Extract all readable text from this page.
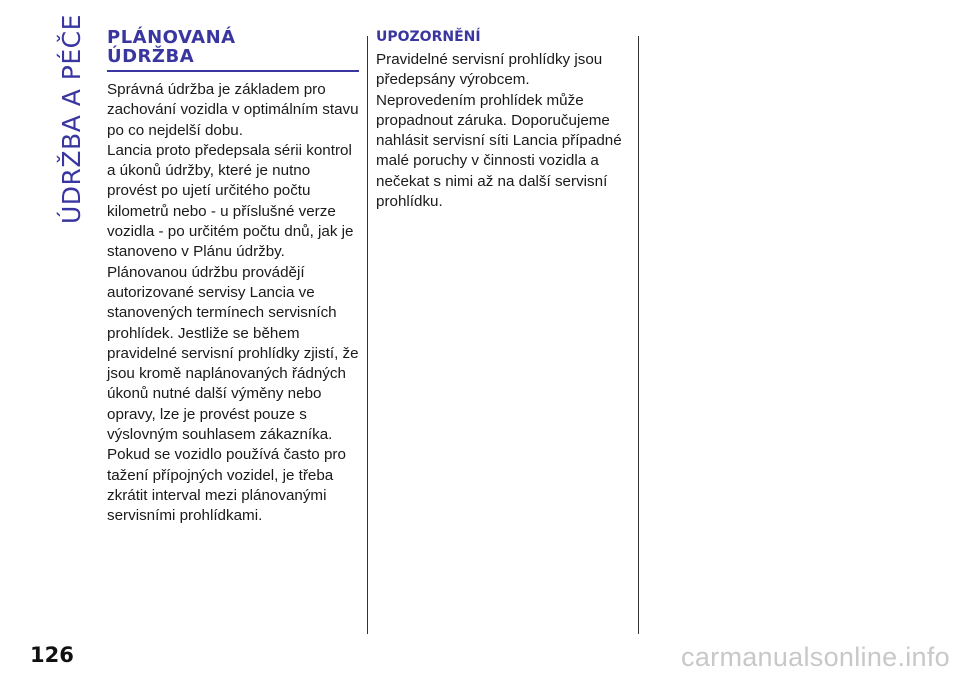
ÚDRŽBA A PÉČE PLÁNOVANÁ
ÚDRŽBA

Správná údržba je základem pro zachování vozidla v optimálním stavu po co nejdelší dobu.

Lancia proto předepsala sérii kontrol a úkonů údržby, které je nutno provést po ujetí určitého počtu kilometrů nebo - u příslušné verze vozidla - po určitém počtu dnů, jak je stanoveno v Plánu údržby.

Plánovanou údržbu provádějí autorizované servisy Lancia ve stanovených termínech servisních prohlídek. Jestliže se během pravidelné servisní prohlídky zjistí, že jsou kromě naplánovaných řádných úkonů nutné další výměny nebo opravy, lze je provést pouze s výslovným souhlasem zákazníka. Pokud se vozidlo používá často pro tažení přípojných vozidel, je třeba zkrátit interval mezi plánovanými servisními prohlídkami.

UPOZORNĚNÍ

Pravidelné servisní prohlídky jsou předepsány výrobcem. Neprovedením prohlídek může propadnout záruka. Doporučujeme nahlásit servisní síti Lancia případné malé poruchy v činnosti vozidla a nečekat s nimi až na další servisní prohlídku.

126	carmanualsonline.info
